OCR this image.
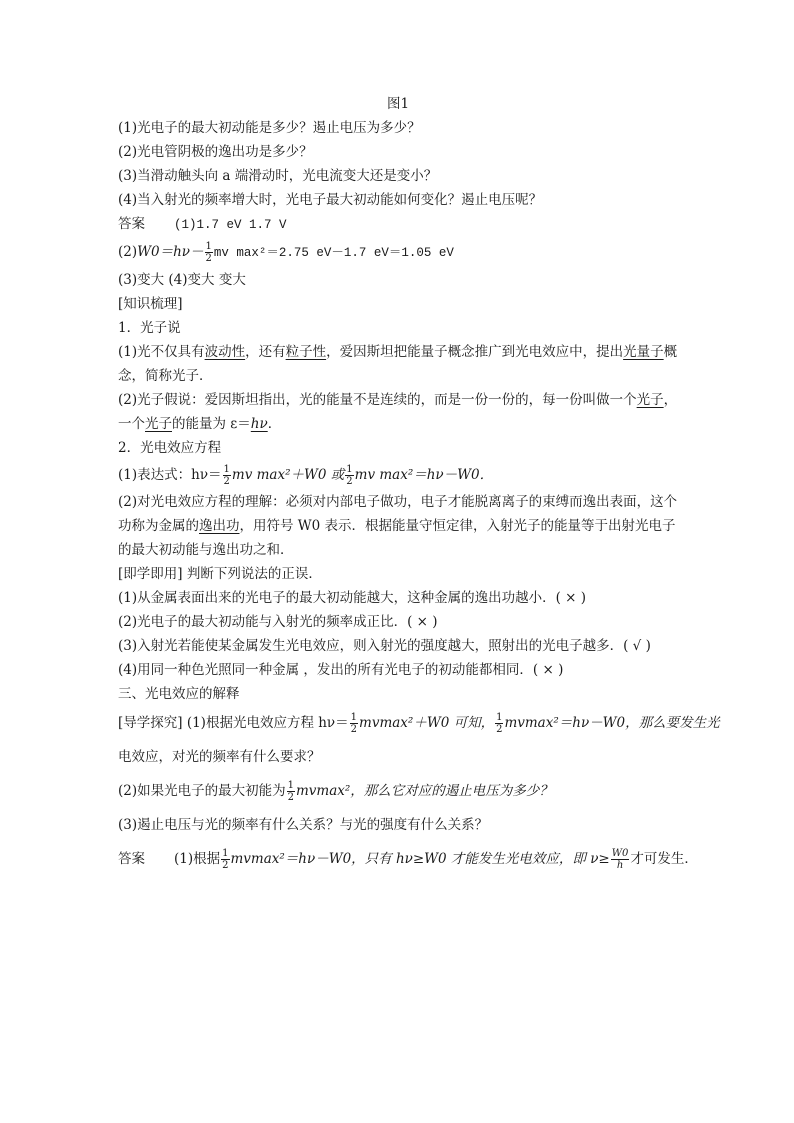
图1
(1)光电子的最大初动能是多少？遏止电压为多少？
(2)光电管阴极的逸出功是多少？
(3)当滑动触头向 a 端滑动时，光电流变大还是变小？
(4)当入射光的频率增大时，光电子最大初动能如何变化？遏止电压呢？
答案 (1)1.7 eV 1.7 V
$(2)W0=h\nu- \frac{1}{2}$ mv max²＝2.75 eV－1.7 eV＝1.05 eV
(3)变大 (4)变大 变大
[知识梳理]
1．光子说
(1)光不仅具有波动性，还有粒子性，爱因斯坦把能量子概念推广到光电效应中，提出光量子概念，简称光子．
(2)光子假说：爱因斯坦指出，光的能量不是连续的，而是一份一份的，每一份叫做一个光子，一个光子的能量为 ε＝hν．
2．光电效应方程
(1)表达式：$h\nu= \frac{1}{2}$ mv max²＋W0 或 $\frac{1}{2}$ mv max²＝hν－W0．
(2)对光电效应方程的理解：必须对内部电子做功，电子才能脱离离子的束缚而逸出表面，这个功称为金属的逸出功，用符号 W0 表示．根据能量守恒定律，入射光子的能量等于出射光电子的最大初动能与逸出功之和．
[即学即用] 判断下列说法的正误．
(1)从金属表面出来的光电子的最大初动能越大，这种金属的逸出功越小．( × )
(2)光电子的最大初动能与入射光的频率成正比．( × )
(3)入射光若能使某金属发生光电效应，则入射光的强度越大，照射出的光电子越多．( √ )
(4)用同一种色光照同一种金属 ，发出的所有光电子的初动能都相同．( × )
三、光电效应的解释
[导学探究] (1)根据光电效应方程 $h\nu= \frac{1}{2} mvmax^2+W0$ 可知， $\frac{1}{2} mvmax^2=h\nu-W0$，那么要发生光
电效应，对光的频率有什么要求？
(2)如果光电子的最大初能为 $\frac{1}{2} mvmax^2$，那么它对应的遏止电压为多少？
(3)遏止电压与光的频率有什么关系？与光的强度有什么关系？
答案 (1)根据 $\frac{1}{2} mvmax^2=h\nu-W0$，只有 hν≥W0 才能发生光电效应，即 $\nu\ge \frac{W0}{h}$ 才可发生．
